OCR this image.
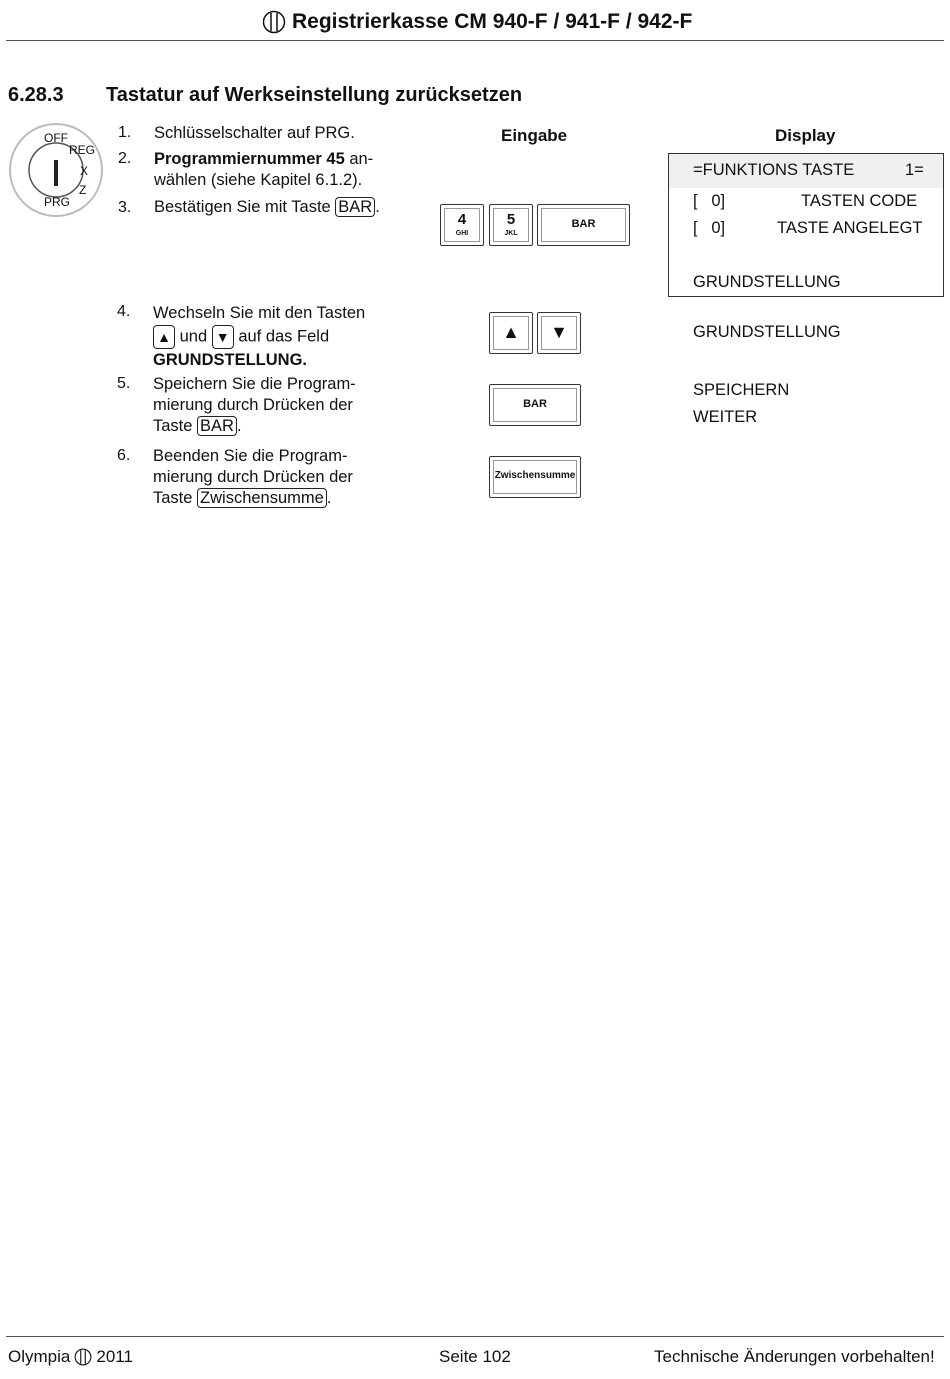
Registrierkasse CM 940-F / 941-F / 942-F
6.28.3 Tastatur auf Werkseinstellung zurücksetzen
OFF
REG
X
Z
PRG
Eingabe	Display
1. Schlüsselschalter auf PRG.
2. Programmiernummer 45 an-
wählen (siehe Kapitel 6.1.2).
3. Bestätigen Sie mit Taste BAR .
4
GHI
5
JKL
BAR
=FUNKTIONS TASTE	1=
[   0]	TASTEN CODE
[   0]	TASTE ANGELEGT
GRUNDSTELLUNG
4. Wechseln Sie mit den Tasten
▲ und ▼ auf das Feld
GRUNDSTELLUNG.
▲	▼	GRUNDSTELLUNG
5. Speichern Sie die Program-
mierung durch Drücken der
Taste BAR .
BAR
SPEICHERN
WEITER
6. Beenden Sie die Program-
mierung durch Drücken der
Taste Zwischensumme .
Zwischensumme
Olympia 2011	Seite 102	Technische Änderungen vorbehalten!
